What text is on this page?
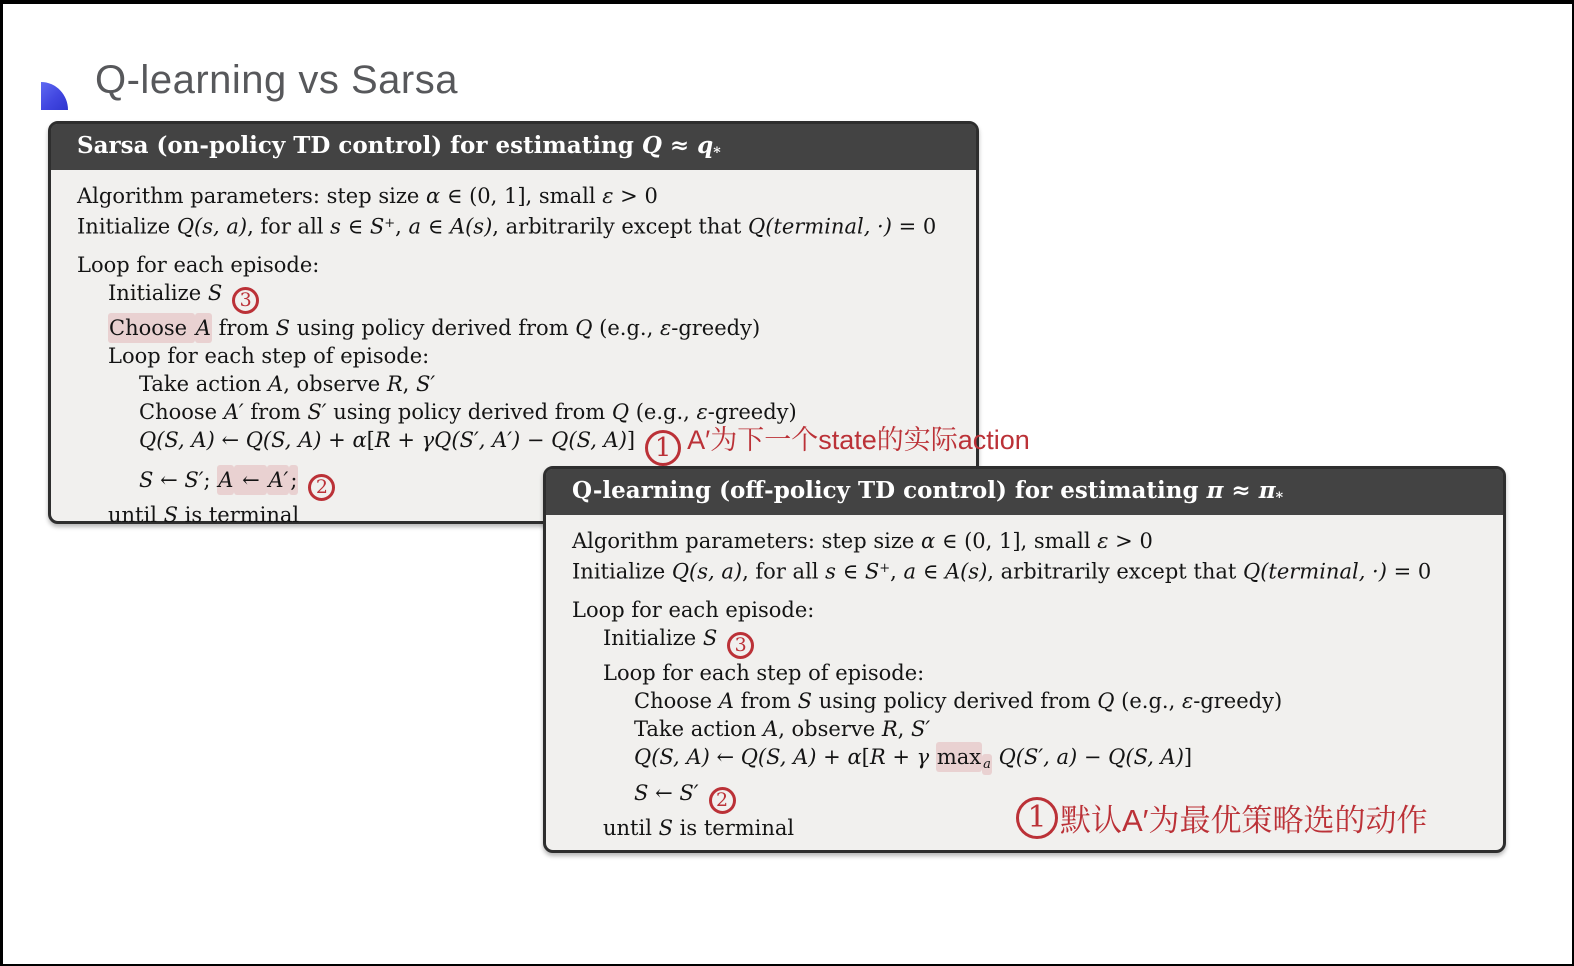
Q-learning vs Sarsa
Sarsa (on-policy TD control) for estimating $Q \approx q_*$
Algorithm parameters: step size α ∈ (0, 1], small ε > 0
Initialize Q(s, a), for all s ∈ S+, a ∈ A(s), arbitrarily except that Q(terminal, ·) = 0
Loop for each episode:
Initialize S 3
Choose A from S using policy derived from Q (e.g., ε-greedy)
Loop for each step of episode:
Take action A, observe R, S′
Choose A′ from S′ using policy derived from Q (e.g., ε-greedy)
Q(S, A) ← Q(S, A) + α[R + γQ(S′, A′) − Q(S, A)] 1 A′为下一个state的实际action
S ← S′; A ← A′; 2
until S is terminal
Q-learning (off-policy TD control) for estimating $\pi \approx \pi_*$
Algorithm parameters: step size α ∈ (0, 1], small ε > 0
Initialize Q(s, a), for all s ∈ S+, a ∈ A(s), arbitrarily except that Q(terminal, ·) = 0
Loop for each episode:
Initialize S 3
Loop for each step of episode:
Choose A from S using policy derived from Q (e.g., ε-greedy)
Take action A, observe R, S′
Q(S, A) ← Q(S, A) + α[R + γ max $_a$ Q(S′, a) − Q(S, A)]
S ← S′ 2
until S is terminal	1 默认A′为最优策略选的动作
